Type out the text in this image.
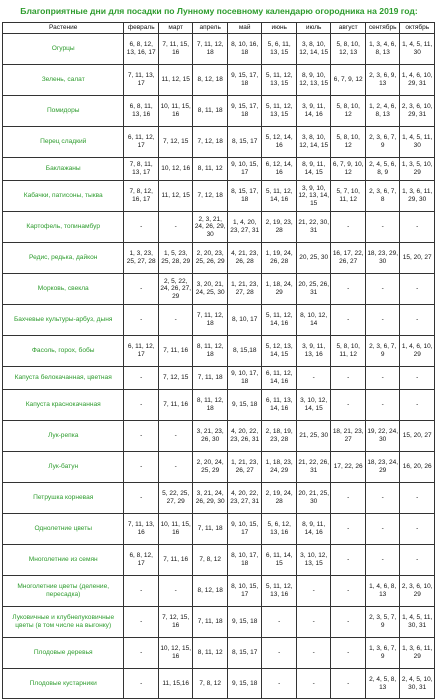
Благоприятные дни для посадки по Лунному посевному календарю огородника на 2019 год:
Растение	февраль	март	апрель	май	июнь	июль	август	сентябрь	октябрь
Огурцы	6, 8, 12, 13, 16, 17	7, 11, 15, 16	7, 11, 12, 18	8, 10, 16, 18	5, 6, 11, 13, 15	3, 8, 10, 12, 14, 15	5, 8, 10, 12, 13	1, 3, 4, 6, 8, 13	1, 4, 5, 11, 30
Зелень, салат	7, 11, 13, 17	11, 12, 15	8, 12, 18	9, 15, 17, 18	5, 11, 12, 13, 15	8, 9, 10, 12, 13, 15	6, 7, 9, 12	2, 3, 6, 9, 13	1, 4, 6, 10, 29, 31
Помидоры	6, 8, 11, 13, 16	10, 11, 15, 16	8, 11, 18	9, 15, 17, 18	5, 11, 12, 13, 15	3, 9, 11, 14, 16	5, 8, 10, 12	1, 2, 4, 6, 8, 13	2, 3, 6, 10, 29, 31
Перец сладкий	6, 11, 12, 17	7, 12, 15	7, 12, 18	8, 15, 17	5, 12, 14, 16	3, 8, 10, 12, 14, 15	5, 8, 10, 12	2, 3, 6, 7, 9	1, 4, 5, 11, 30
Баклажаны	7, 8, 11, 13, 17	10, 12, 16	8, 11, 12	9, 10, 15, 17	6, 12, 14, 16	8, 9, 11, 14, 15	6, 7, 9, 10, 12	2, 4, 5, 6, 8, 9	1, 3, 5, 10, 29
Кабачки, патисоны, тыква	7, 8, 12, 16, 17	11, 12, 15	7, 12, 18	8, 15, 17, 18	5, 11, 12, 14, 16	3, 9, 10, 12, 13, 14, 15	5, 7, 10, 11, 12	2, 3, 6, 7, 8	1, 3, 6, 11, 29, 30
Картофель, топинамбур	-	-	2, 3, 21, 24, 26, 29, 30	1, 4, 20, 23, 27, 31	2, 19, 23, 28	21, 22, 30, 31	-	-	-
Редис, редька, дайкон	1, 3, 23, 25, 27, 28	1, 5, 23, 25, 28, 29	2, 20, 23, 25, 26, 29	4, 21, 23, 26, 28	1, 19, 24, 26, 28	20, 25, 30	16, 17, 22, 26, 27	18, 23, 29, 30	15, 20, 27
Морковь, свекла	-	2, 5, 22, 24, 26, 27, 29	3, 20, 21, 24, 25, 30	1, 21, 23, 27, 28	1, 18, 24, 29	20, 25, 26, 31	-	-	-
Бахчевые культуры-арбуз, дыня	-	-	7, 11, 12, 18	8, 10, 17	5, 11, 12, 14, 16	8, 10, 12, 14	-	-	-
Фасоль, горох, бобы	6, 11, 12, 17	7, 11, 16	8, 11, 12, 18	8, 15,18	5, 12, 13, 14, 15	3, 9, 11, 13, 16	5, 8, 10, 11, 12	2, 3, 6, 7, 9	1, 4, 6, 10, 29
Капуста белокачанная, цветная	-	7, 12, 15	7, 11, 18	9, 10, 17, 18	6, 11, 12, 14, 16	-	-	-	-
Капуста краснокачанная	-	7, 11, 16	8, 11, 12, 18	9, 15, 18	6, 11, 13, 14, 16	3, 10, 12, 14, 15	-	-	-
Лук-репка	-	-	3, 21, 23, 26, 30	4, 20, 22, 23, 26, 31	2, 18, 19, 23, 28	21, 25, 30	18, 21, 23, 27	19, 22, 24, 30	15, 20, 27
Лук-батун	-	-	2, 20, 24, 25, 29	1, 21, 23, 26, 27	1, 18, 23, 24, 29	21, 22, 26, 31	17, 22, 26	18, 23, 24, 29	16, 20, 26
Петрушка корневая	-	5, 22, 25, 27, 29	3, 21, 24, 26, 29, 30	4, 20, 22, 23, 27, 31	2, 19, 24, 28	20, 21, 25, 30	-	-	-
Однолетние цветы	7, 11, 13, 16	10, 11, 15, 16	7, 11, 18	9, 10, 15, 17	5, 6, 12, 13, 16	8, 9, 11, 14, 16	-	-	-
Многолетние из семян	6, 8, 12, 17	7, 11, 16	7, 8, 12	8, 10, 17, 18	6, 11, 14, 15	3, 10, 12, 13, 15	-	-	-
Многолетние цветы (деление, пересадка)	-	-	8, 12, 18	8, 10, 15, 17	5, 11, 12, 13, 16	-	-	1, 4, 6, 8, 13	2, 3, 6, 10, 29
Луковичные и клубнелуковичные цветы (в том числе на выгонку)	-	7, 12, 15, 16	7, 11, 18	9, 15, 18	-	-	-	2, 3, 5, 7, 9	1, 4, 5, 11, 30, 31
Плодовые деревья	-	10, 12, 15, 16	8, 11, 12	8, 15, 17	-	-	-	1, 3, 6, 7, 9	1, 3, 6, 11, 29
Плодовые кустарники	-	11, 15,16	7, 8, 12	9, 15, 18	-	-	-	2, 4, 5, 8, 13	2, 4, 5, 10, 30, 31
